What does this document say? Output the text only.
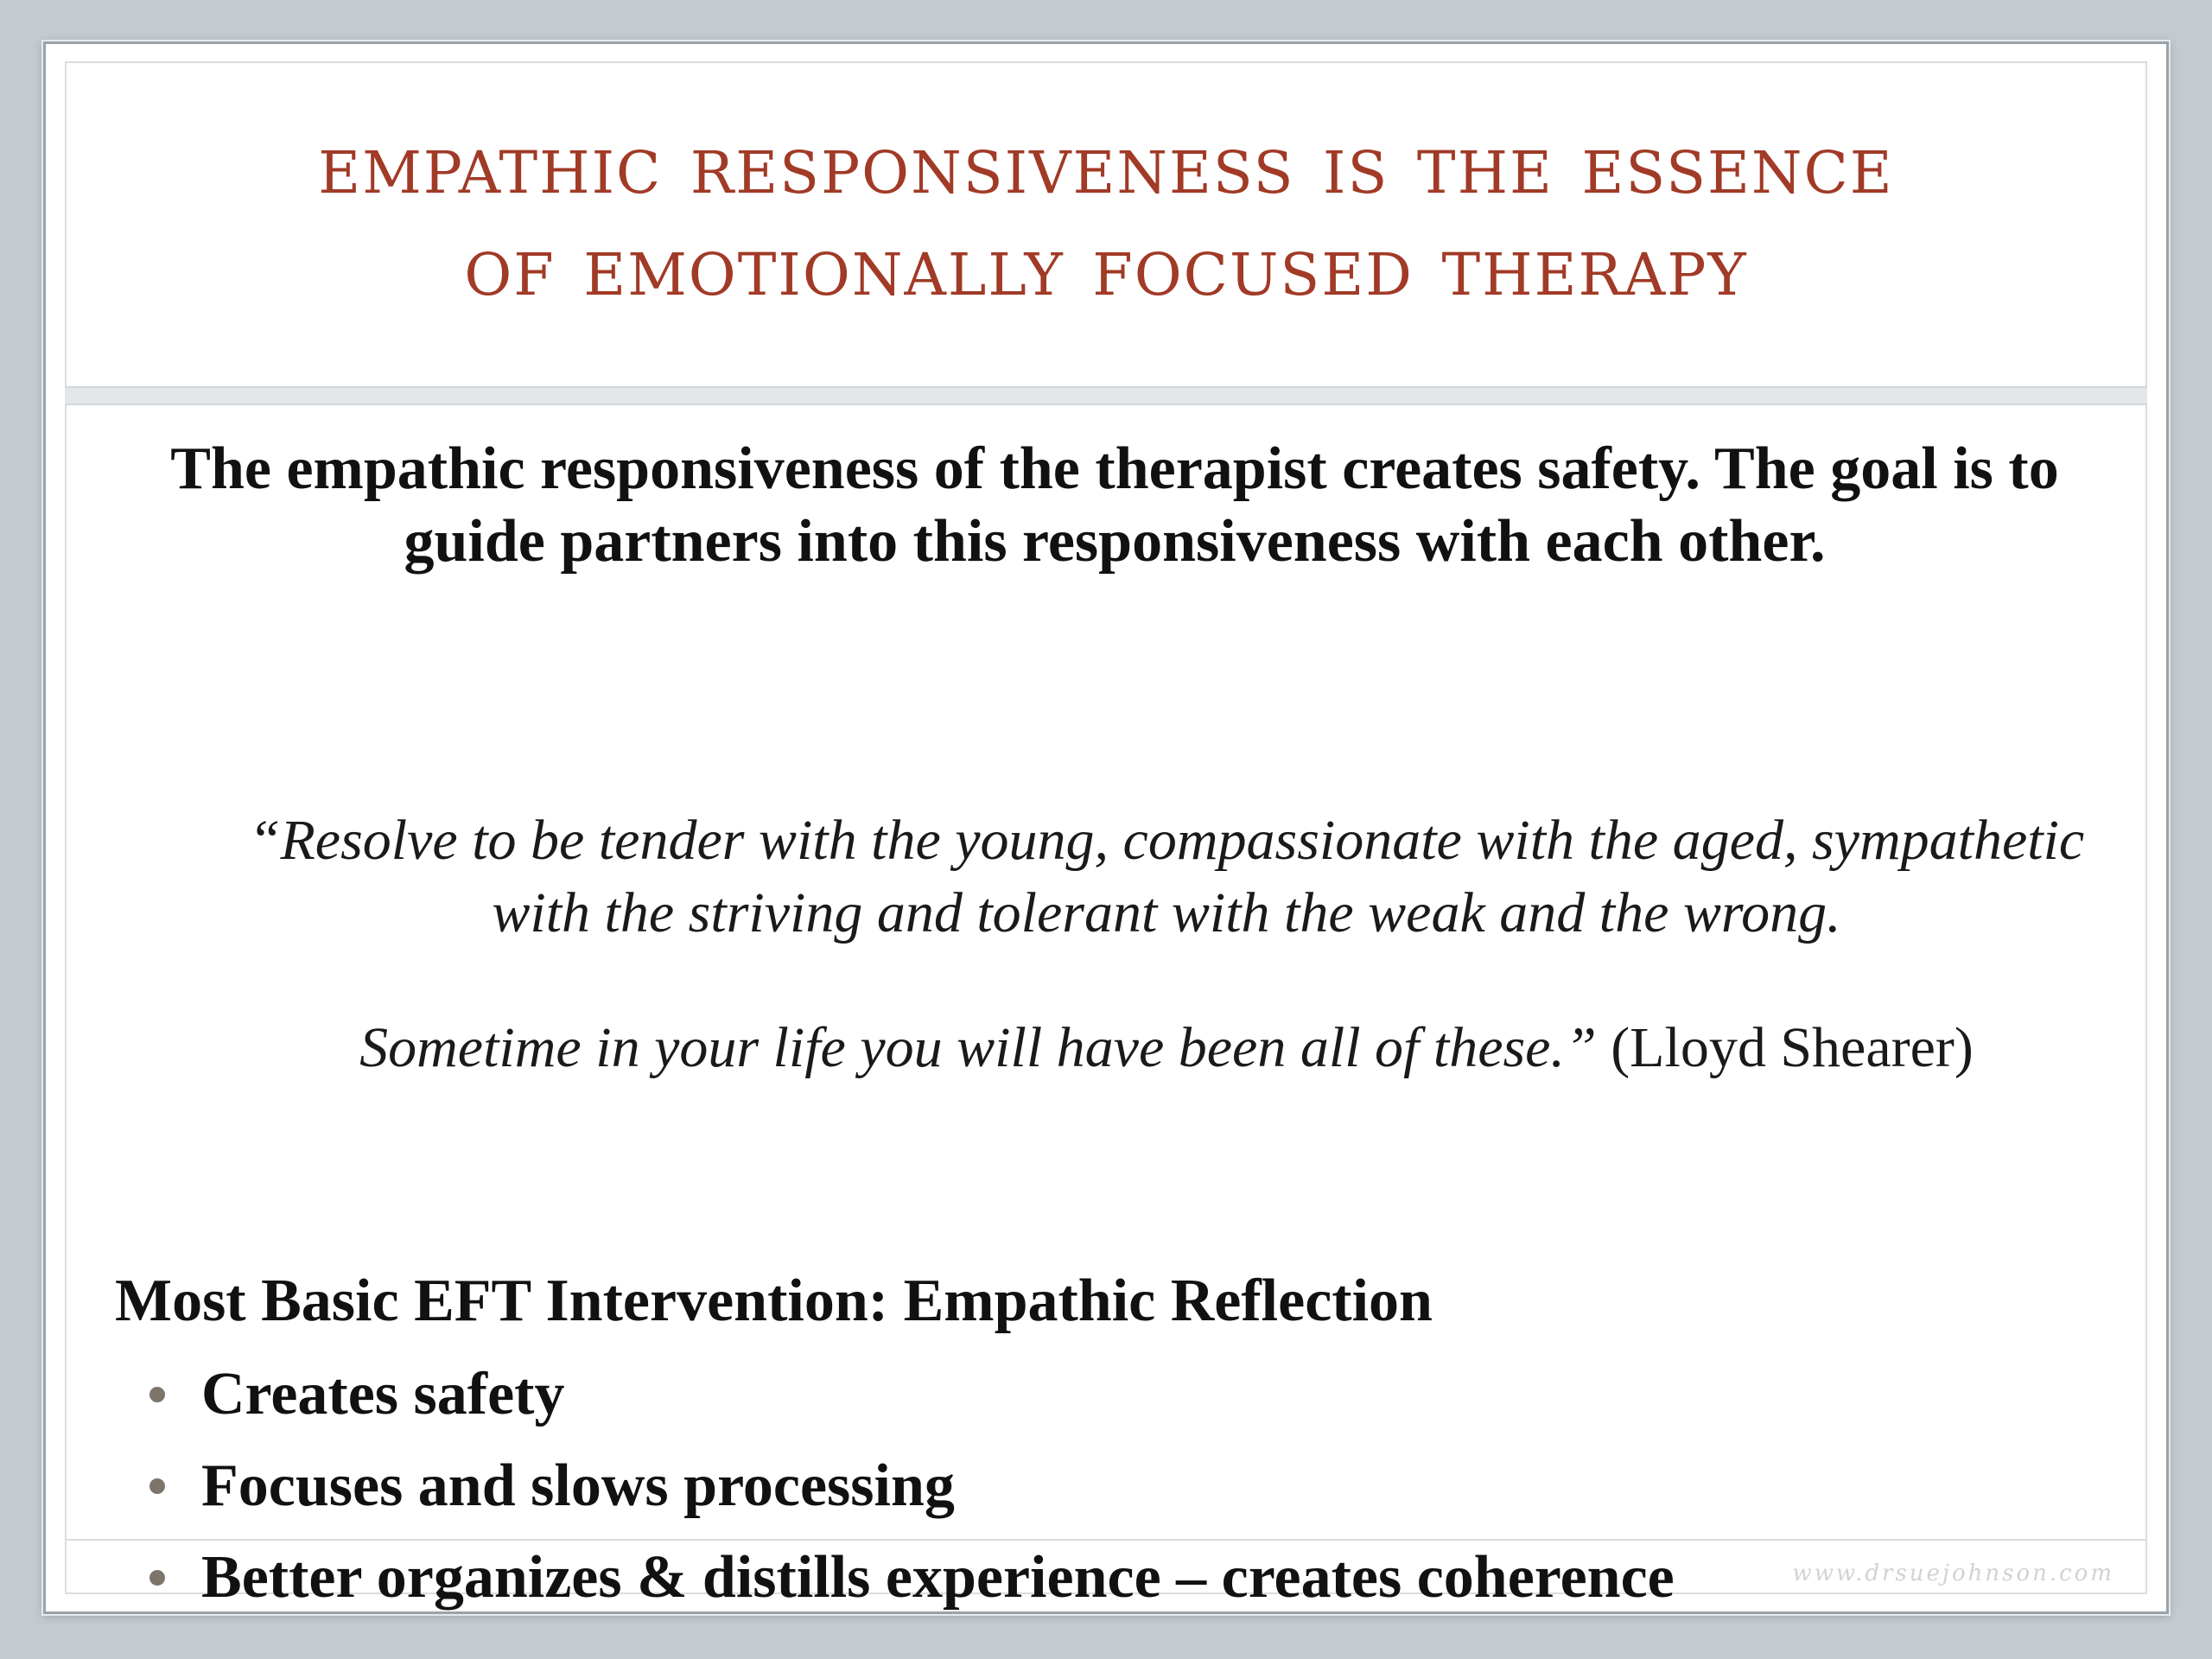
empathic responsiveness is the essence
of emotionally focused therapy
The empathic responsiveness of the therapist creates safety. The goal is to guide partners into this responsiveness with each other.
“Resolve to be tender with the young, compassionate with the aged, sympathetic with the striving and tolerant with the weak and the wrong.
Sometime in your life you will have been all of these.” (Lloyd Shearer)
Most Basic EFT Intervention: Empathic Reflection
Creates safety
Focuses and slows processing
Better organizes & distills experience – creates coherence	www.drsuejohnson.com
